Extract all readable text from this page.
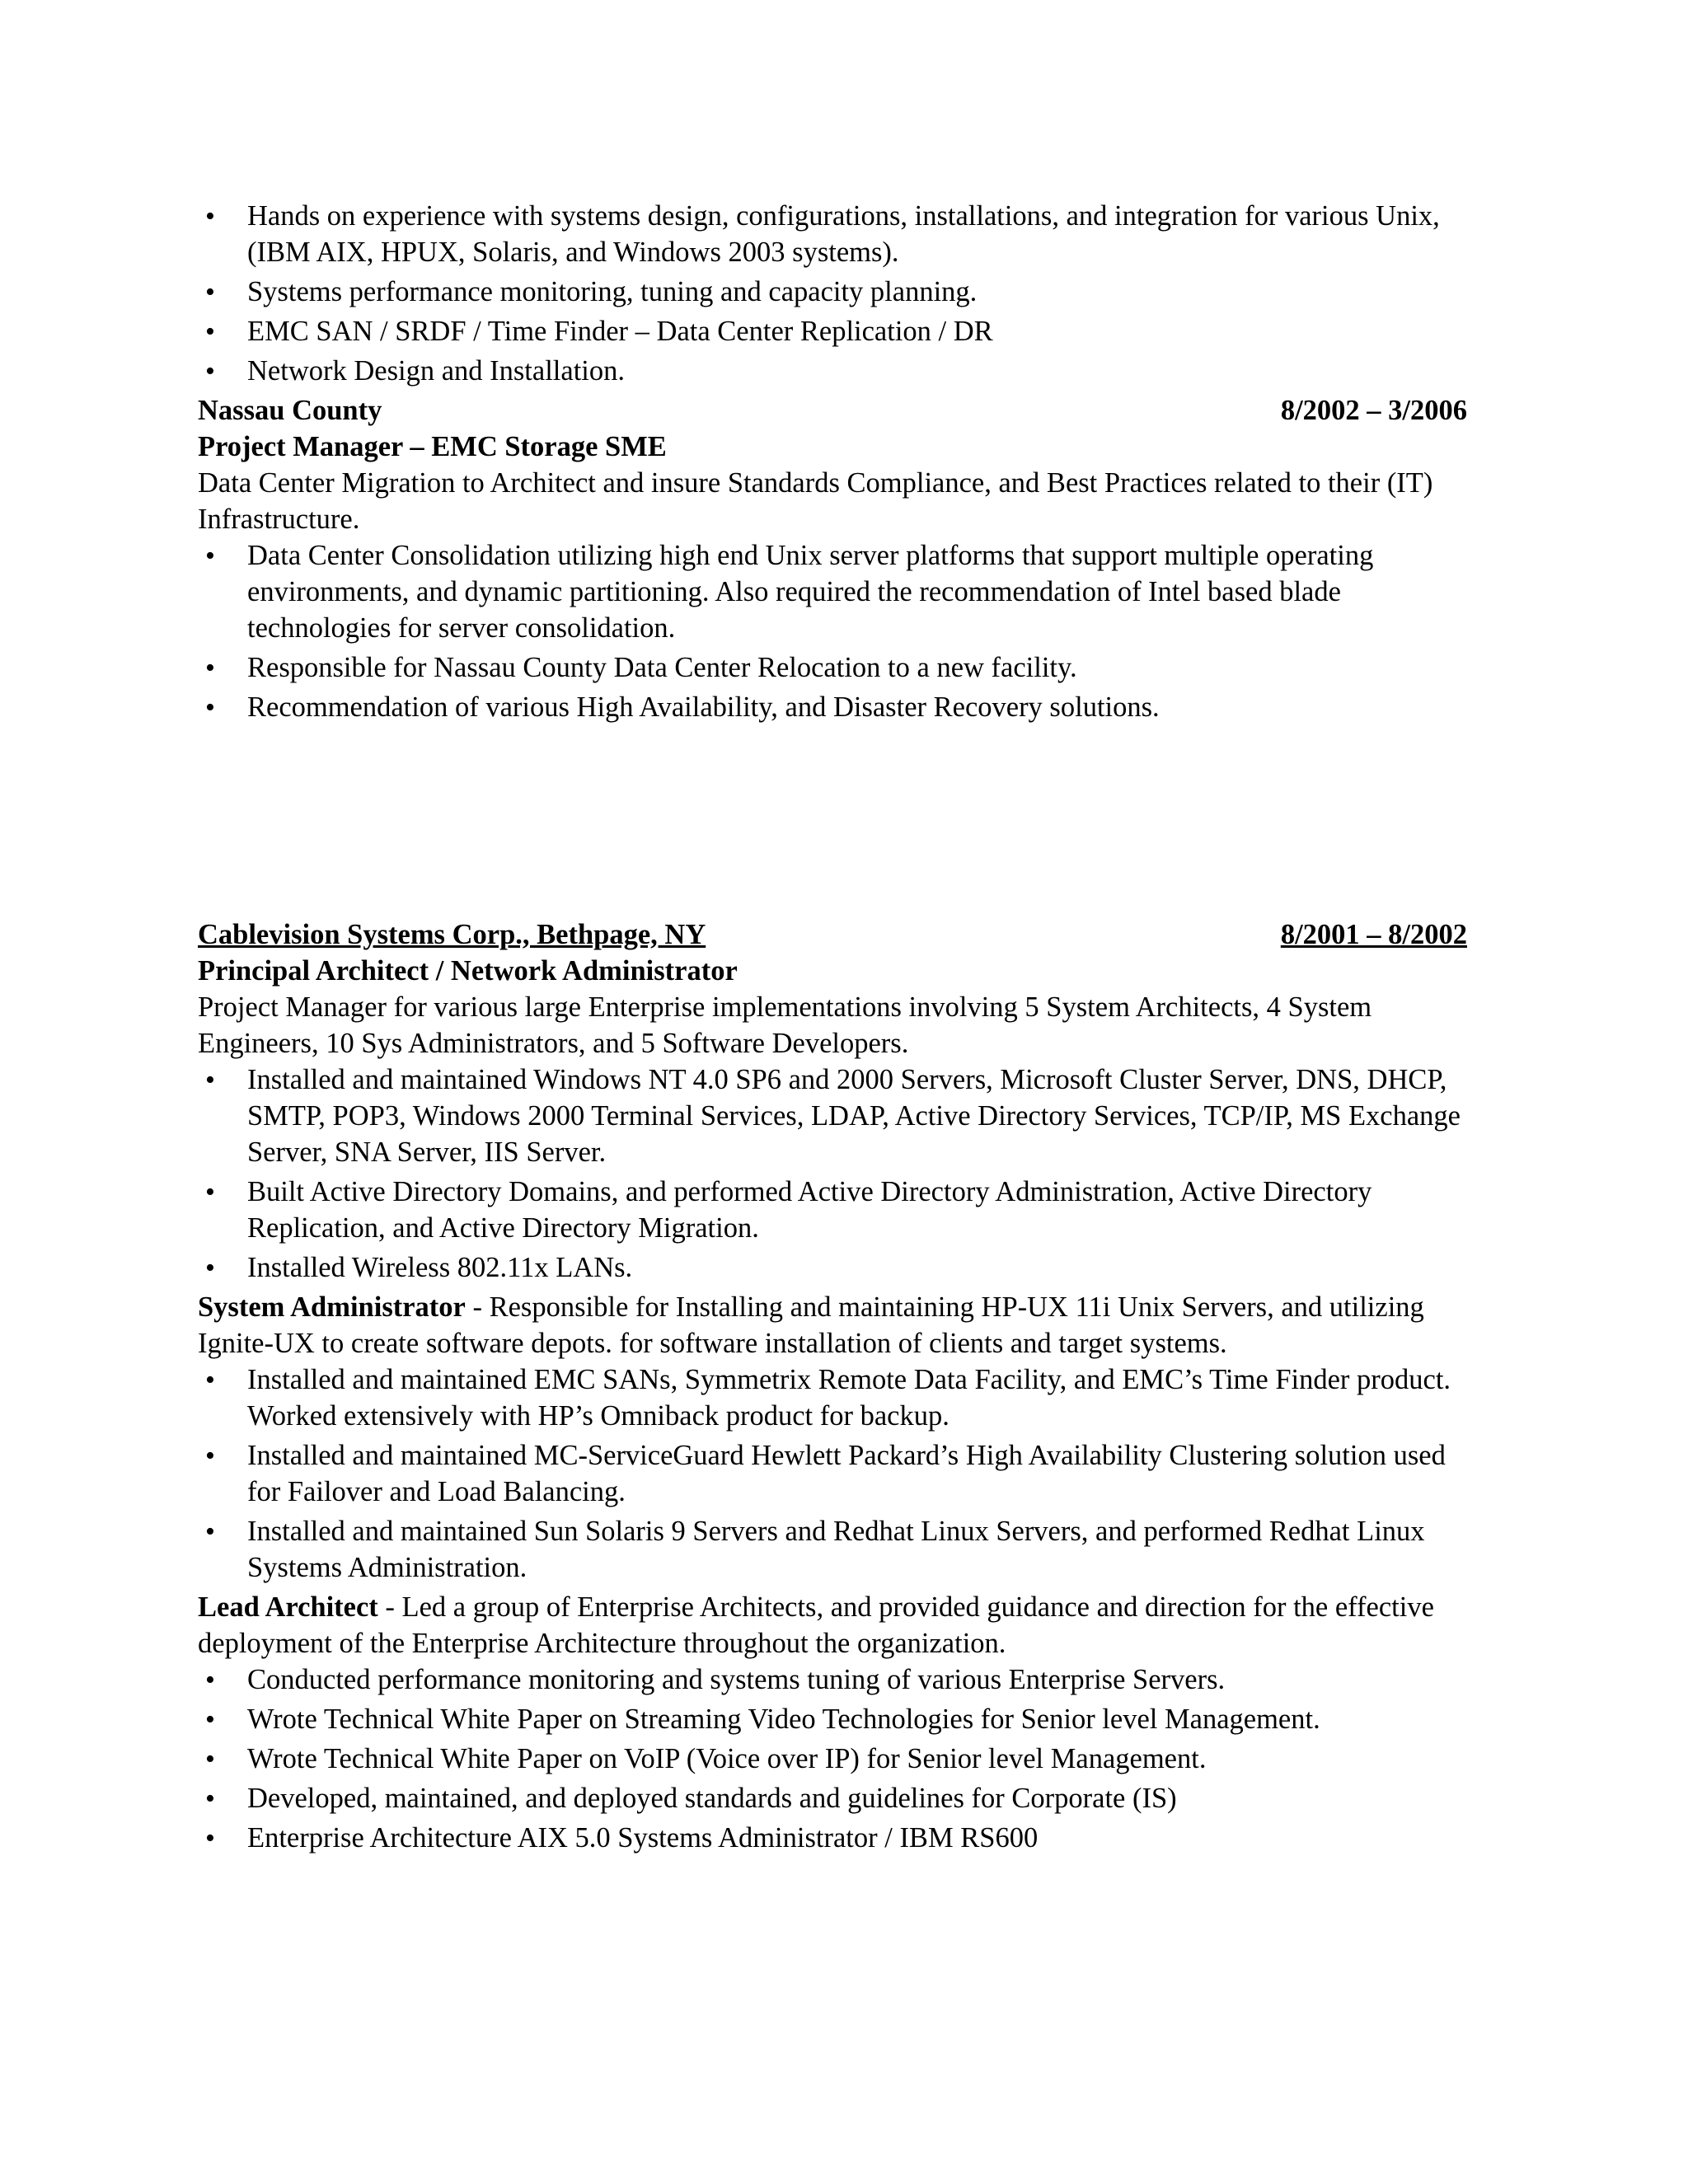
•
Hands on experience with systems design, configurations, installations, and integration for various Unix, (IBM AIX, HPUX, Solaris, and Windows 2003 systems).
•
Systems performance monitoring, tuning and capacity planning.
•
EMC SAN / SRDF / Time Finder – Data Center Replication / DR
•
Network Design and Installation.
Nassau County	8/2002 – 3/2006
Project Manager – EMC Storage SME

Data Center Migration to Architect and insure Standards Compliance, and Best Practices related to their (IT) Infrastructure.

•
Data Center Consolidation utilizing high end Unix server platforms that support multiple operating environments, and dynamic partitioning. Also required the recommendation of Intel based blade technologies for server consolidation.
•
Responsible for Nassau County Data Center Relocation to a new facility.
•
Recommendation of various High Availability, and Disaster Recovery solutions.
Cablevision Systems Corp., Bethpage, NY	8/2001 – 8/2002
Principal Architect / Network Administrator

Project Manager for various large Enterprise implementations involving 5 System Architects, 4 System Engineers, 10 Sys Administrators, and 5 Software Developers.

•
Installed and maintained Windows NT 4.0 SP6 and 2000 Servers, Microsoft Cluster Server, DNS, DHCP, SMTP, POP3, Windows 2000 Terminal Services, LDAP, Active Directory Services, TCP/IP, MS Exchange Server, SNA Server, IIS Server.
•
Built Active Directory Domains, and performed Active Directory Administration, Active Directory Replication, and Active Directory Migration.
•
Installed Wireless 802.11x LANs.

System Administrator - Responsible for Installing and maintaining HP-UX 11i Unix Servers, and utilizing Ignite-UX to create software depots. for software installation of clients and target systems.

•
Installed and maintained EMC SANs, Symmetrix Remote Data Facility, and EMC’s Time Finder product. Worked extensively with HP’s Omniback product for backup.
•
Installed and maintained MC-ServiceGuard Hewlett Packard’s High Availability Clustering solution used for Failover and Load Balancing.
•
Installed and maintained Sun Solaris 9 Servers and Redhat Linux Servers, and performed Redhat Linux Systems Administration.

Lead Architect - Led a group of Enterprise Architects, and provided guidance and direction for the effective deployment of the Enterprise Architecture throughout the organization.

•
Conducted performance monitoring and systems tuning of various Enterprise Servers.
•
Wrote Technical White Paper on Streaming Video Technologies for Senior level Management.
•
Wrote Technical White Paper on VoIP (Voice over IP) for Senior level Management.
•
Developed, maintained, and deployed standards and guidelines for Corporate (IS)
•
Enterprise Architecture AIX 5.0 Systems Administrator / IBM RS600
